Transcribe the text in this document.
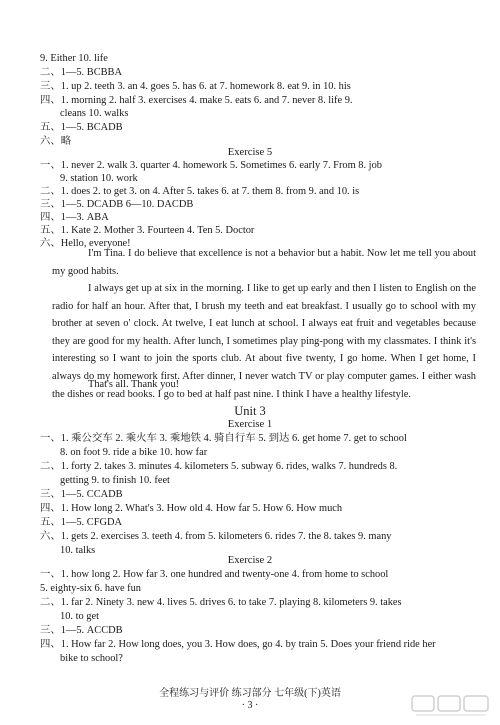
9. Either 10. life
二、1—5. BCBBA
三、1. up 2. teeth 3. an 4. goes 5. has 6. at 7. homework 8. eat 9. in 10. his
四、1. morning 2. half 3. exercises 4. make 5. eats 6. and 7. never 8. life 9.
cleans 10. walks
五、1—5. BCADB
六、略
Exercise 5
一、1. never 2. walk 3. quarter 4. homework 5. Sometimes 6. early 7. From 8. job
9. station 10. work
二、1. does 2. to get 3. on 4. After 5. takes 6. at 7. them 8. from 9. and 10. is
三、1—5. DCADB 6—10. DACDB
四、1—3. ABA
五、1. Kate 2. Mother 3. Fourteen 4. Ten 5. Doctor
六、Hello, everyone!
I'm Tina. I do believe that excellence is not a behavior but a habit. Now let me tell you about my good habits.
I always get up at six in the morning. I like to get up early and then I listen to English on the radio for half an hour. After that, I brush my teeth and eat breakfast. I usually go to school with my brother at seven o' clock. At twelve, I eat lunch at school. I always eat fruit and vegetables because they are good for my health. After lunch, I sometimes play ping-pong with my classmates. I think it's interesting so I want to join the sports club. At about five twenty, I go home. When I get home, I always do my homework first. After dinner, I never watch TV or play computer games. I either wash the dishes or read books. I go to bed at half past nine. I think I have a healthy lifestyle.
That's all. Thank you!
Unit 3
Exercise 1
一、1. 乘公交车 2. 乘火车 3. 乘地铁 4. 骑自行车 5. 到达 6. get home 7. get to school
8. on foot 9. ride a bike 10. how far
二、1. forty 2. takes 3. minutes 4. kilometers 5. subway 6. rides, walks 7. hundreds 8.
getting 9. to finish 10. feet
三、1—5. CCADB
四、1. How long 2. What's 3. How old 4. How far 5. How 6. How much
五、1—5. CFGDA
六、1. gets 2. exercises 3. teeth 4. from 5. kilometers 6. rides 7. the 8. takes 9. many
10. talks
Exercise 2
一、1. how long 2. How far 3. one hundred and twenty-one 4. from home to school
5. eighty-six 6. have fun
二、1. far 2. Ninety 3. new 4. lives 5. drives 6. to take 7. playing 8. kilometers 9. takes
10. to get
三、1—5. ACCDB
四、1. How far 2. How long does, you 3. How does, go 4. by train 5. Does your friend ride her
bike to school?
全程练习与评价 练习部分 七年级(下)英语
· 3 ·
